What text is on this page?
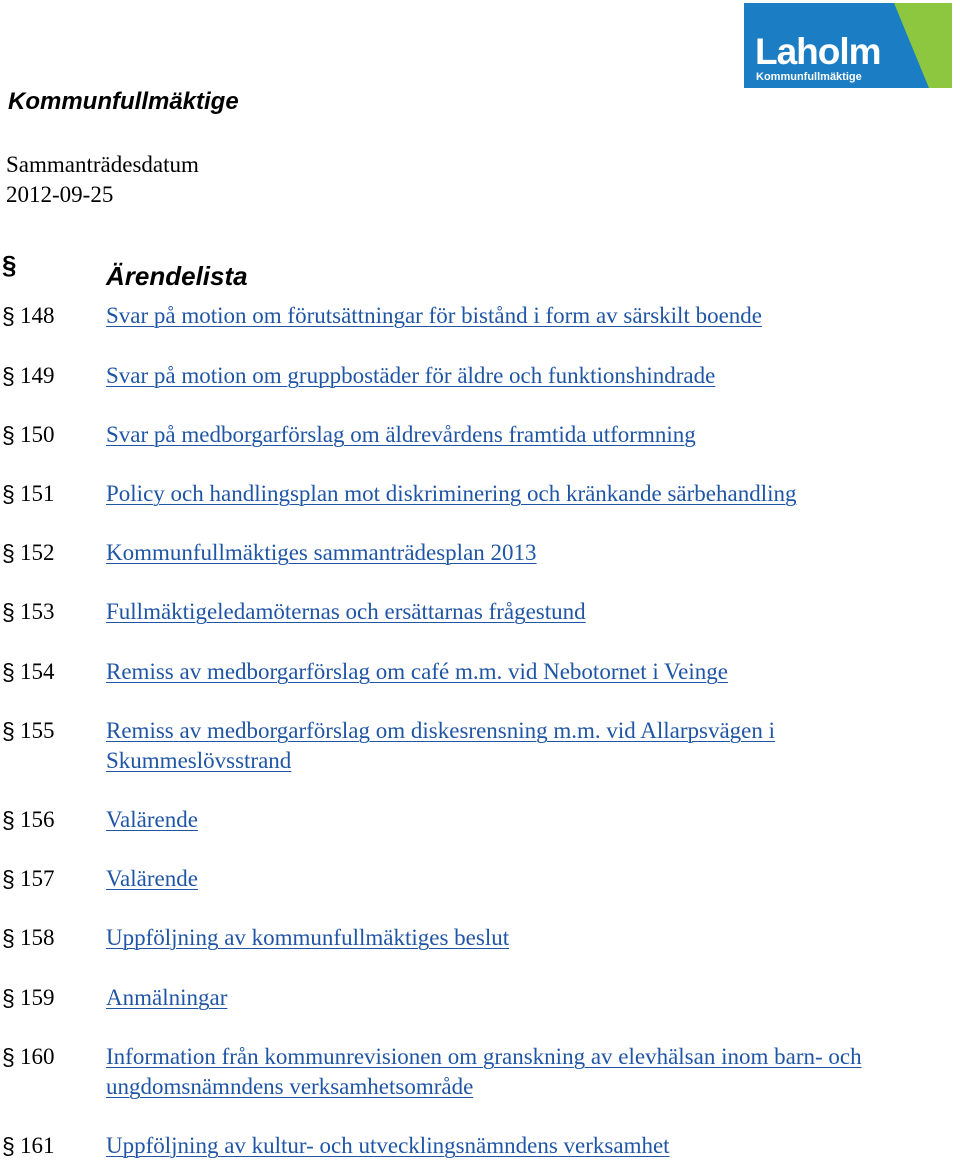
Laholm
Kommunfullmäktige
Kommunfullmäktige
Sammanträdesdatum
2012-09-25
§	Ärendelista
§ 148 Svar på motion om förutsättningar för bistånd i form av särskilt boende
§ 149 Svar på motion om gruppbostäder för äldre och funktionshindrade
§ 150 Svar på medborgarförslag om äldrevårdens framtida utformning
§ 151 Policy och handlingsplan mot diskriminering och kränkande särbehandling
§ 152 Kommunfullmäktiges sammanträdesplan 2013
§ 153 Fullmäktigeledamöternas och ersättarnas frågestund
§ 154 Remiss av medborgarförslag om café m.m. vid Nebotornet i Veinge
§ 155 Remiss av medborgarförslag om diskesrensning m.m. vid Allarpsvägen i Skummeslövsstrand
§ 156 Valärende
§ 157 Valärende
§ 158 Uppföljning av kommunfullmäktiges beslut
§ 159 Anmälningar
§ 160 Information från kommunrevisionen om granskning av elevhälsan inom barn- och ungdomsnämndens verksamhetsområde
§ 161 Uppföljning av kultur- och utvecklingsnämndens verksamhet
